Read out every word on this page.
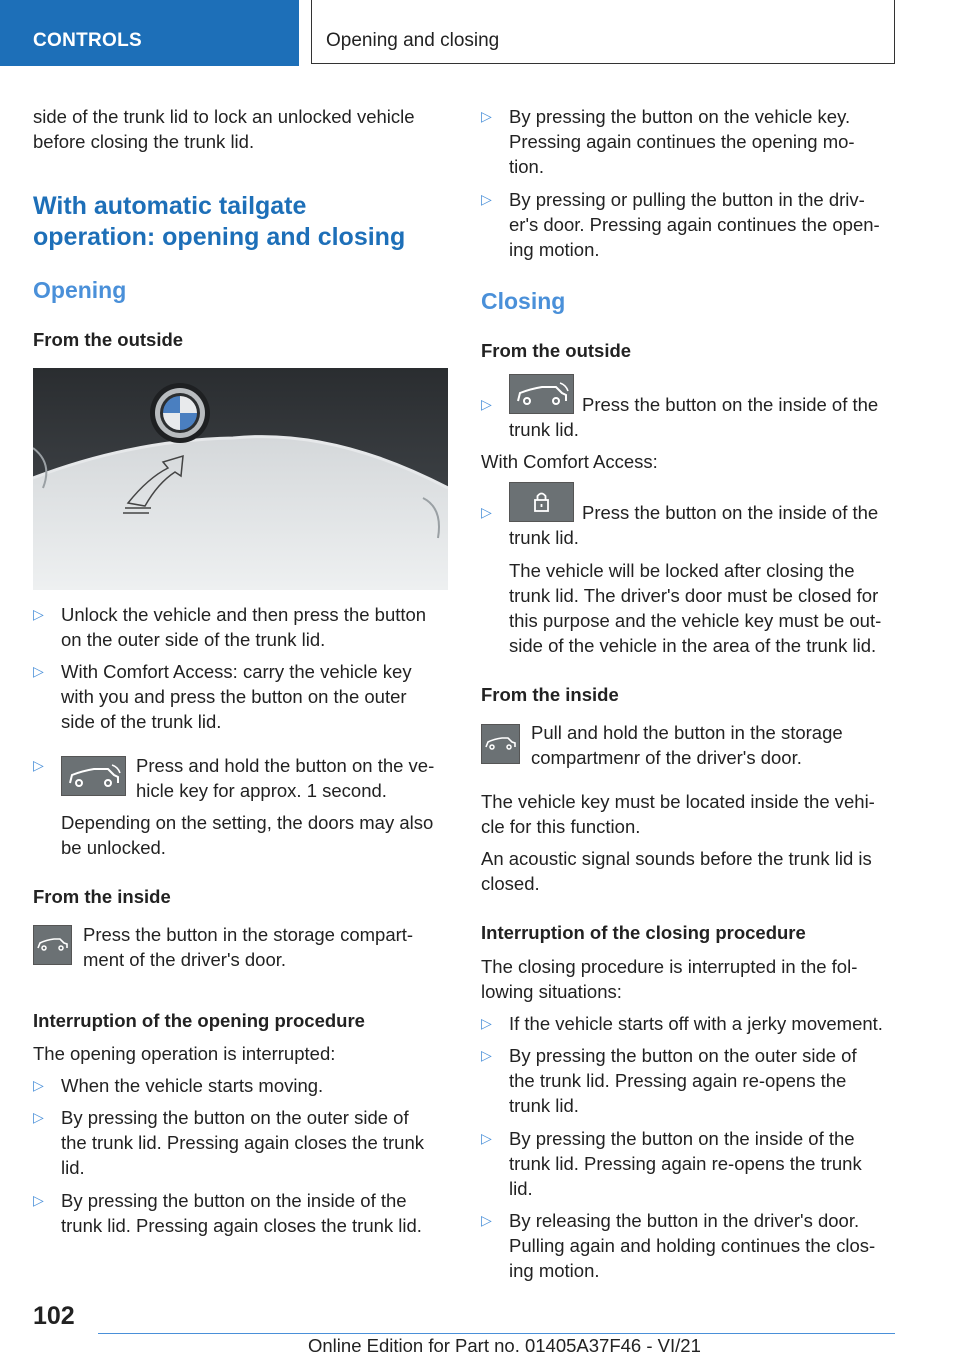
CONTROLS	Opening and closing
side of the trunk lid to lock an unlocked vehicle
before closing the trunk lid.
With automatic tailgate
operation: opening and closing
Opening
From the outside
▷ Unlock the vehicle and then press the button
on the outer side of the trunk lid.
▷ With Comfort Access: carry the vehicle key
with you and press the button on the outer
side of the trunk lid.
▷	Press and hold the button on the ve-
hicle key for approx. 1 second.
Depending on the setting, the doors may also
be unlocked.
From the inside
Press the button in the storage compart-
ment of the driver's door.
Interruption of the opening procedure
The opening operation is interrupted:
▷ When the vehicle starts moving.
▷ By pressing the button on the outer side of
the trunk lid. Pressing again closes the trunk
lid.
▷ By pressing the button on the inside of the
trunk lid. Pressing again closes the trunk lid.
▷ By pressing the button on the vehicle key.
Pressing again continues the opening mo-
tion.
▷ By pressing or pulling the button in the driv-
er's door. Pressing again continues the open-
ing motion.
Closing
From the outside
▷	Press the button on the inside of the
trunk lid.
With Comfort Access:
▷	Press the button on the inside of the
trunk lid.
The vehicle will be locked after closing the
trunk lid. The driver's door must be closed for
this purpose and the vehicle key must be out-
side of the vehicle in the area of the trunk lid.
From the inside
Pull and hold the button in the storage
compartmenr of the driver's door.
The vehicle key must be located inside the vehi-
cle for this function.
An acoustic signal sounds before the trunk lid is
closed.
Interruption of the closing procedure
The closing procedure is interrupted in the fol-
lowing situations:
▷ If the vehicle starts off with a jerky movement.
▷ By pressing the button on the outer side of
the trunk lid. Pressing again re-opens the
trunk lid.
▷ By pressing the button on the inside of the
trunk lid. Pressing again re-opens the trunk
lid.
▷ By releasing the button in the driver's door.
Pulling again and holding continues the clos-
ing motion.
102
Online Edition for Part no. 01405A37F46 - VI/21
